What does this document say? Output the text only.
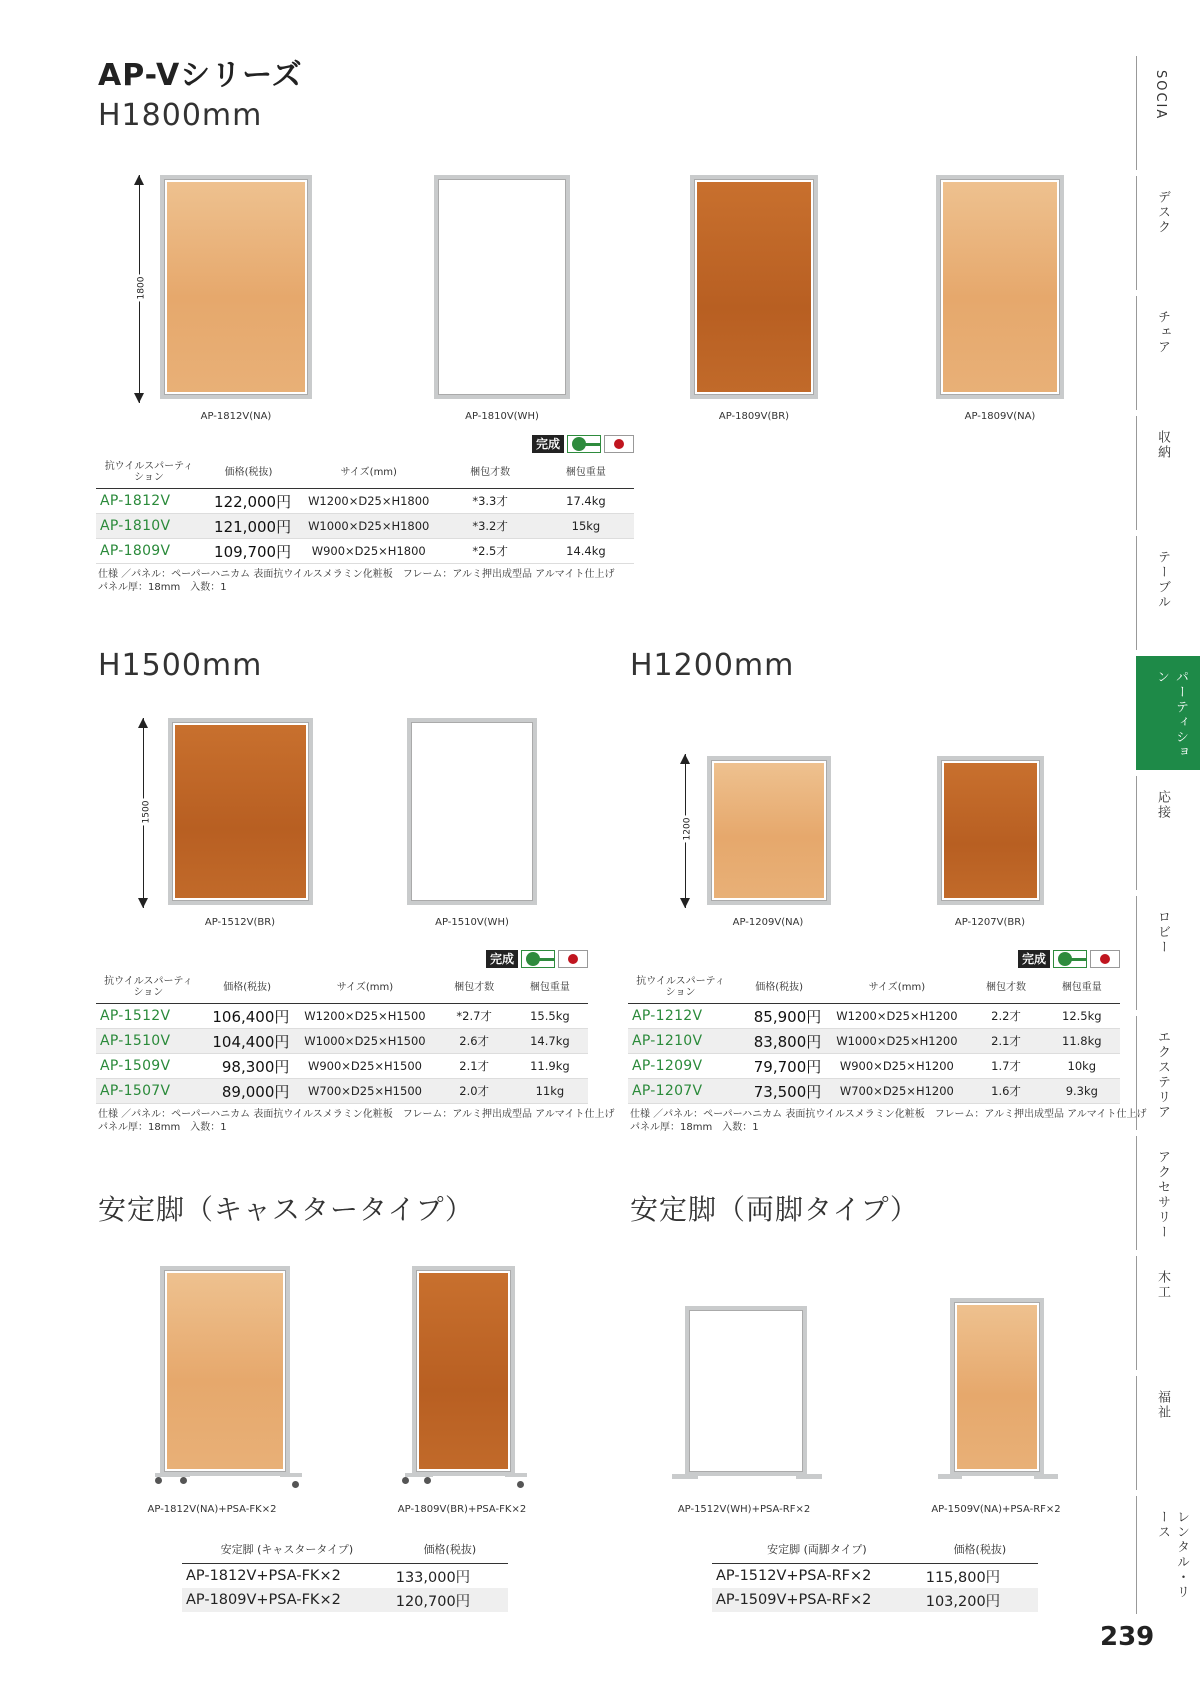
AP-Vシリーズ
H1800mm
1800
AP-1812V(NA)	AP-1810V(WH)	AP-1809V(BR)	AP-1809V(NA)
完成
抗ウイルスパーティション	価格(税抜)	サイズ(mm)	梱包才数	梱包重量
AP-1812V	122,000円	W1200×D25×H1800	*3.3才	17.4kg
AP-1810V	121,000円	W1000×D25×H1800	*3.2才	15kg
AP-1809V	109,700円	W900×D25×H1800	*2.5才	14.4kg
仕様 ／パネル：ペーパーハニカム 表面抗ウイルスメラミン化粧板　フレーム：アルミ押出成型品 アルマイト仕上げ
パネル厚：18mm　入数：1
H1500mm
1500
AP-1512V(BR)	AP-1510V(WH)
完成
抗ウイルスパーティション	価格(税抜)	サイズ(mm)	梱包才数	梱包重量
AP-1512V	106,400円	W1200×D25×H1500	*2.7才	15.5kg
AP-1510V	104,400円	W1000×D25×H1500	2.6才	14.7kg
AP-1509V	98,300円	W900×D25×H1500	2.1才	11.9kg
AP-1507V	89,000円	W700×D25×H1500	2.0才	11kg
仕様 ／パネル：ペーパーハニカム 表面抗ウイルスメラミン化粧板　フレーム：アルミ押出成型品 アルマイト仕上げ
パネル厚：18mm　入数：1
H1200mm
1200
AP-1209V(NA)	AP-1207V(BR)
完成
抗ウイルスパーティション	価格(税抜)	サイズ(mm)	梱包才数	梱包重量
AP-1212V	85,900円	W1200×D25×H1200	2.2才	12.5kg
AP-1210V	83,800円	W1000×D25×H1200	2.1才	11.8kg
AP-1209V	79,700円	W900×D25×H1200	1.7才	10kg
AP-1207V	73,500円	W700×D25×H1200	1.6才	9.3kg
仕様 ／パネル：ペーパーハニカム 表面抗ウイルスメラミン化粧板　フレーム：アルミ押出成型品 アルマイト仕上げ
パネル厚：18mm　入数：1
安定脚（キャスタータイプ）
AP-1812V(NA)+PSA-FK×2	AP-1809V(BR)+PSA-FK×2
安定脚 (キャスタータイプ)	価格(税抜)
AP-1812V+PSA-FK×2	133,000円
AP-1809V+PSA-FK×2	120,700円
安定脚（両脚タイプ）
AP-1512V(WH)+PSA-RF×2	AP-1509V(NA)+PSA-RF×2
安定脚 (両脚タイプ)	価格(税抜)
AP-1512V+PSA-RF×2	115,800円
AP-1509V+PSA-RF×2	103,200円
SOCIA
デスク
チェア
収納
テーブル
パーティション
応接
ロビー
エクステリア
アクセサリー
木工
福祉
レンタル・リース
239
